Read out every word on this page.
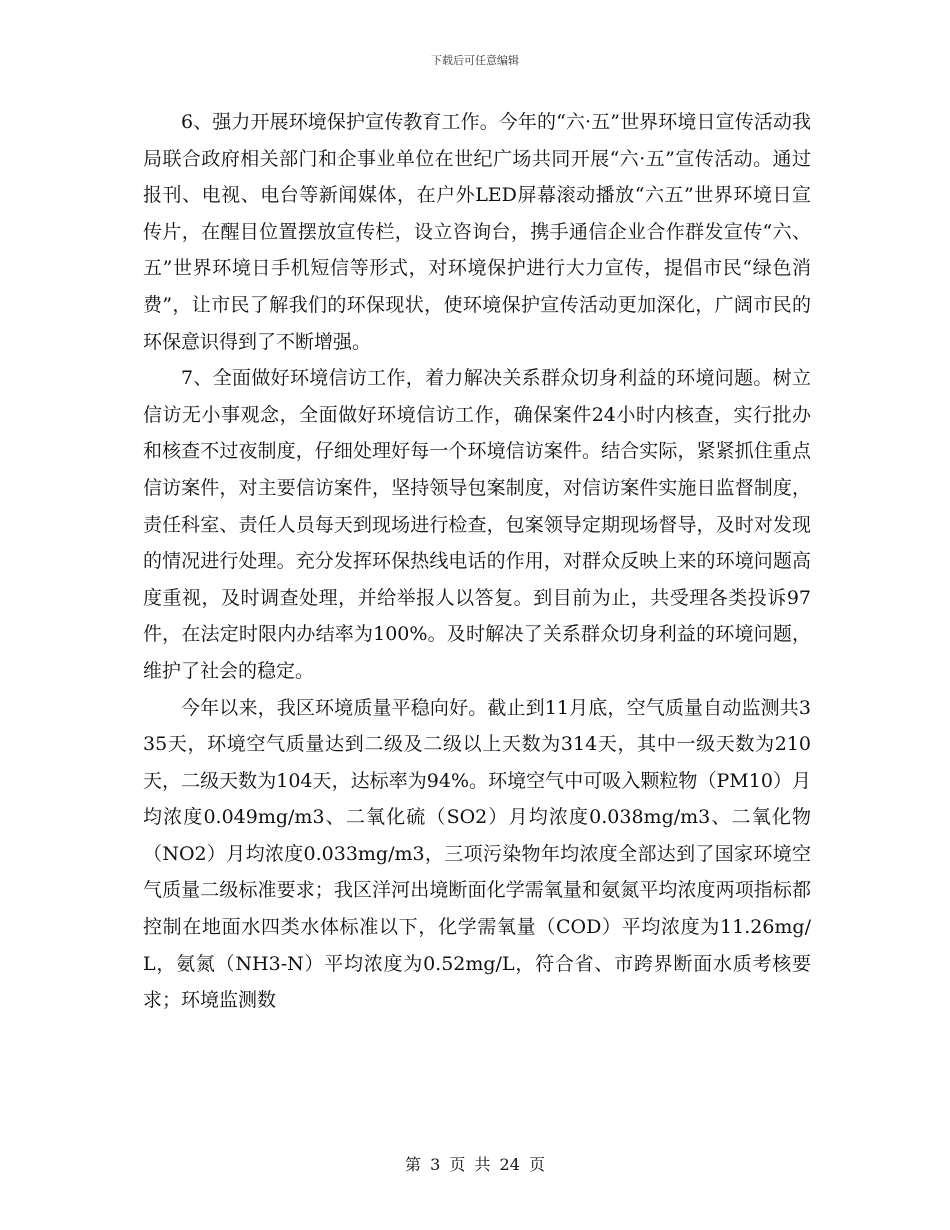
下载后可任意编辑

6、强力开展环境保护宣传教育工作。今年的“六·五”世界环境日宣传活动我局联合政府相关部门和企事业单位在世纪广场共同开展“六·五”宣传活动。通过报刊、电视、电台等新闻媒体，在户外LED屏幕滚动播放“六五”世界环境日宣传片，在醒目位置摆放宣传栏，设立咨询台，携手通信企业合作群发宣传“六、五”世界环境日手机短信等形式，对环境保护进行大力宣传，提倡市民“绿色消费”，让市民了解我们的环保现状，使环境保护宣传活动更加深化，广阔市民的环保意识得到了不断增强。

7、全面做好环境信访工作，着力解决关系群众切身利益的环境问题。树立信访无小事观念，全面做好环境信访工作，确保案件24小时内核查，实行批办和核查不过夜制度，仔细处理好每一个环境信访案件。结合实际，紧紧抓住重点信访案件，对主要信访案件，坚持领导包案制度，对信访案件实施日监督制度，责任科室、责任人员每天到现场进行检查，包案领导定期现场督导，及时对发现的情况进行处理。充分发挥环保热线电话的作用，对群众反映上来的环境问题高度重视，及时调查处理，并给举报人以答复。到目前为止，共受理各类投诉97件，在法定时限内办结率为100%。及时解决了关系群众切身利益的环境问题，维护了社会的稳定。

今年以来，我区环境质量平稳向好。截止到11月底，空气质量自动监测共335天，环境空气质量达到二级及二级以上天数为314天，其中一级天数为210天，二级天数为104天，达标率为94%。环境空气中可吸入颗粒物（PM10）月均浓度0.049mg/m3、二氧化硫（SO2）月均浓度0.038mg/m3、二氧化物（NO2）月均浓度0.033mg/m3，三项污染物年均浓度全部达到了国家环境空气质量二级标准要求；我区洋河出境断面化学需氧量和氨氮平均浓度两项指标都控制在地面水四类水体标准以下，化学需氧量（COD）平均浓度为11.26mg/L，氨氮（NH3-N）平均浓度为0.52mg/L，符合省、市跨界断面水质考核要求；环境监测数

第 3 页 共 24 页
